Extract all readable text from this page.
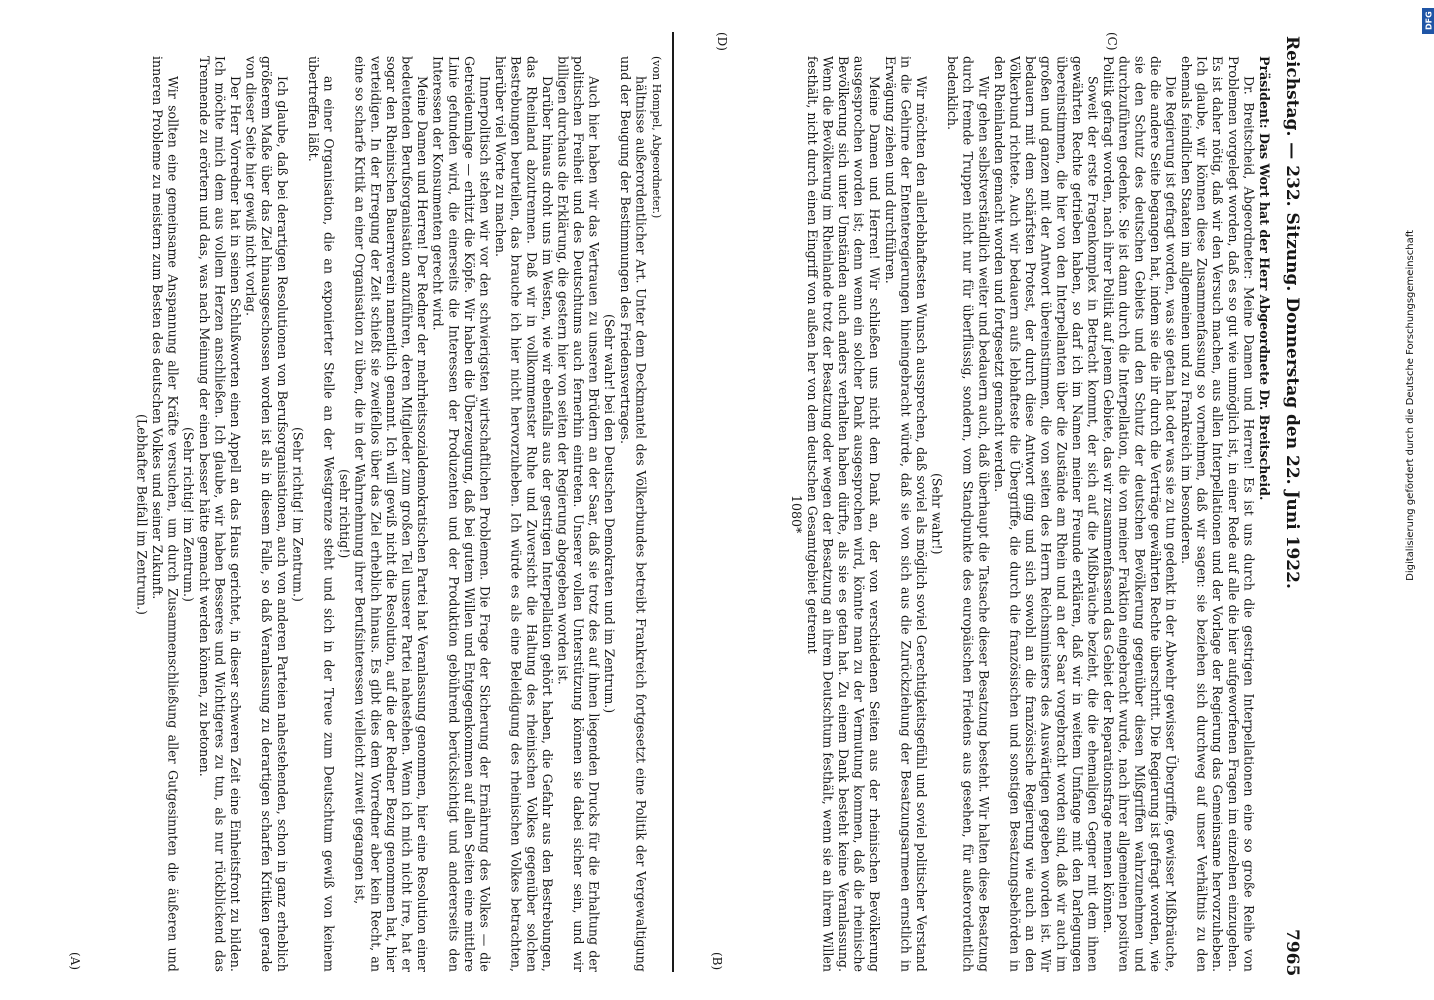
Reichstag. — 232. Sitzung. Donnerstag den 22. Juni 1922.
7965

Präsident: Das Wort hat der Herr Abgeordnete Dr. Breitscheid.

Dr. Breitscheid, Abgeordneter: Meine Damen und Herren! Es ist uns durch die gestrigen Interpellationen eine so große Reihe von Problemen vorgelegt worden, daß es so gut wie unmöglich ist, in einer Rede auf alle die hier aufgeworfenen Fragen im einzelnen einzugehen. Es ist daher nötig, daß wir den Versuch machen, aus allen Interpellationen und der Vorlage der Regierung das Gemeinsame hervorzuheben. Ich glaube, wir können diese Zusammenfassung so vornehmen, daß wir sagen: sie beziehen sich durchweg auf unser Verhältnis zu den ehemals feindlichen Staaten im allgemeinen und zu Frankreich im besonderen.

Die Regierung ist gefragt worden, was sie getan hat oder was sie zu tun gedenkt in der Abwehr gewisser Übergriffe, gewisser Mißbräuche, die die andere Seite begangen hat, indem sie die ihr durch die Verträge gewährten Rechte überschritt. Die Regierung ist gefragt worden, wie sie den Schutz des deutschen Gebiets und den Schutz der deutschen Bevölkerung gegenüber diesen Mißgriffen wahrzunehmen und durchzuführen gedenke. Sie ist dann durch die Interpellation, die von meiner Fraktion eingebracht wurde, nach ihrer allgemeinen positiven Politik gefragt worden, nach ihrer Politik auf jenem Gebiete, das wir zusammenfassend das Gebiet der Reparationsfrage nennen können.

Soweit der erste Fragenkomplex in Betracht kommt, der sich auf die Mißbräuche bezieht, die die ehemaligen Gegner mit dem ihnen gewährten Rechte getrieben haben, so darf ich im Namen meiner Freunde erklären, daß wir in weitem Umfange mit den Darlegungen übereinstimmen, die hier von den Interpellanten über die Zustände am Rhein und an der Saar vorgebracht worden sind, daß wir auch im großen und ganzen mit der Antwort übereinstimmen, die von seiten des Herrn Reichsministers des Auswärtigen gegeben worden ist. Wir bedauern mit dem schärfsten Protest, der durch diese Antwort ging und sich sowohl an die französische Regierung wie auch an den Völkerbund richtete. Auch wir bedauern aufs lebhafteste die Übergriffe, die durch die französischen und sonstigen Besatzungsbehörden in den Rheinlanden gemacht worden und fortgesetzt gemacht werden.

Wir gehen selbstverständlich weiter und bedauern auch, daß überhaupt die Tatsache dieser Besatzung besteht. Wir halten diese Besatzung durch fremde Truppen nicht nur für überflüssig, sondern, vom Standpunkte des europäischen Friedens aus gesehen, für außerordentlich bedenklich.

(Sehr wahr!)

Wir möchten den allerlebhaftesten Wunsch aussprechen, daß soviel als möglich soviel Gerechtigkeitsgefühl und soviel politischer Verstand in die Gehirne der Ententeregierungen hineingebracht würde, daß sie von sich aus die Zurückziehung der Besatzungsarmeen ernstlich in Erwägung ziehen und durchführen.

Meine Damen und Herren! Wir schließen uns nicht dem Dank an, der von verschiedenen Seiten aus der rheinischen Bevölkerung ausgesprochen worden ist; denn wenn ein solcher Dank ausgesprochen wird, könnte man zu der Vermutung kommen, daß die rheinische Bevölkerung sich unter Umständen auch anders verhalten haben dürfte, als sie es getan hat. Zu einem Dank besteht keine Veranlassung. Wenn die Bevölkerung im Rheinlande trotz der Besatzung oder wegen der Besatzung an ihrem Deutschtum festhält, wenn sie an ihrem Willen festhält, nicht durch einen Eingriff von außen her von dem deutschen Gesamtgebiet getrennt

1080*

(von Hompel, Abgeordneter.)

hältnisse außerordentlicher Art. Unter dem Deckmantel des Völkerbundes betreibt Frankreich fortgesetzt eine Politik der Vergewaltigung und der Beugung der Bestimmungen des Friedensvertrages.

(Sehr wahr! bei den Deutschen Demokraten und im Zentrum.)

Auch hier haben wir das Vertrauen zu unseren Brüdern an der Saar, daß sie trotz des auf ihnen liegenden Drucks für die Erhaltung der politischen Freiheit und des Deutschtums auch fernerhin eintreten. Unserer vollen Unterstützung können sie dabei sicher sein, und wir billigen durchaus die Erklärung, die gestern hier von seiten der Regierung abgegeben worden ist.

Darüber hinaus droht uns im Westen, wie wir ebenfalls aus der gestrigen Interpellation gehört haben, die Gefahr aus den Bestrebungen, das Rheinland abzutrennen. Daß wir in vollkommenster Ruhe und Zuversicht die Haltung des rheinischen Volkes gegenüber solchen Bestrebungen beurteilen, das brauche ich hier nicht hervorzuheben. Ich würde es als eine Beleidigung des rheinischen Volkes betrachten, hierüber viel Worte zu machen.

Innerpolitisch stehen wir vor den schwierigsten wirtschaftlichen Problemen. Die Frage der Sicherung der Ernährung des Volkes — die Getreideumlage — erhitzt die Köpfe. Wir haben die Überzeugung, daß bei gutem Willen und Entgegenkommen auf allen Seiten eine mittlere Linie gefunden wird, die einerseits die Interessen der Produzenten und der Produktion gebührend berücksichtigt und andererseits den Interessen der Konsumenten gerecht wird.

Meine Damen und Herren! Der Redner der mehrheitssozialdemokratischen Partei hat Veranlassung genommen, hier eine Resolution einer bedeutenden Berufsorganisation anzuführen, deren Mitglieder zum großen Teil unserer Partei nahestehen. Wenn ich mich nicht irre, hat er sogar den Rheinischen Bauernverein namentlich genannt. Ich will gewiß nicht die Resolution, auf die der Redner Bezug genommen hat, hier verteidigen. In der Erregung der Zeit schießt sie zweifellos über das Ziel erheblich hinaus. Es gibt dies dem Vorredner aber kein Recht, an eine so scharfe Kritik an einer Organisation zu üben, die in der Wahrnehmung ihrer Berufsinteressen vielleicht zuweit gegangen ist,

(sehr richtig!)

an einer Organisation, die an exponierter Stelle an der Westgrenze steht und sich in der Treue zum Deutschtum gewiß von keinem übertreffen läßt.

(Sehr richtig! im Zentrum.)

Ich glaube, daß bei derartigen Resolutionen von Berufsorganisationen, auch von anderen Parteien nahestehenden, schon in ganz erheblich größerem Maße über das Ziel hinausgeschossen worden ist als in diesem Falle, so daß Veranlassung zu derartigen scharfen Kritiken gerade von dieser Seite hier gewiß nicht vorlag.

Der Herr Vorredner hat in seinen Schlußworten einen Appell an das Haus gerichtet, in dieser schweren Zeit eine Einheitsfront zu bilden. Ich möchte mich dem aus vollem Herzen anschließen. Ich glaube, wir haben Besseres und Wichtigeres zu tun, als nur rückblickend das Trennende zu erörtern und das, was nach Meinung der einen besser hätte gemacht werden können, zu betonen.

(Sehr richtig! im Zentrum.)

Wir sollten eine gemeinsame Anspannung aller Kräfte versuchen, um durch Zusammenschließung aller Gutgesinnten die äußeren und inneren Probleme zu meistern zum Besten des deutschen Volkes und seiner Zukunft.

(Lebhafter Beifall im Zentrum.)

(A)	(B)
(C)
(D)
Digitalisierung gefördert durch die Deutsche Forschungsgemeinschaft
DFG
